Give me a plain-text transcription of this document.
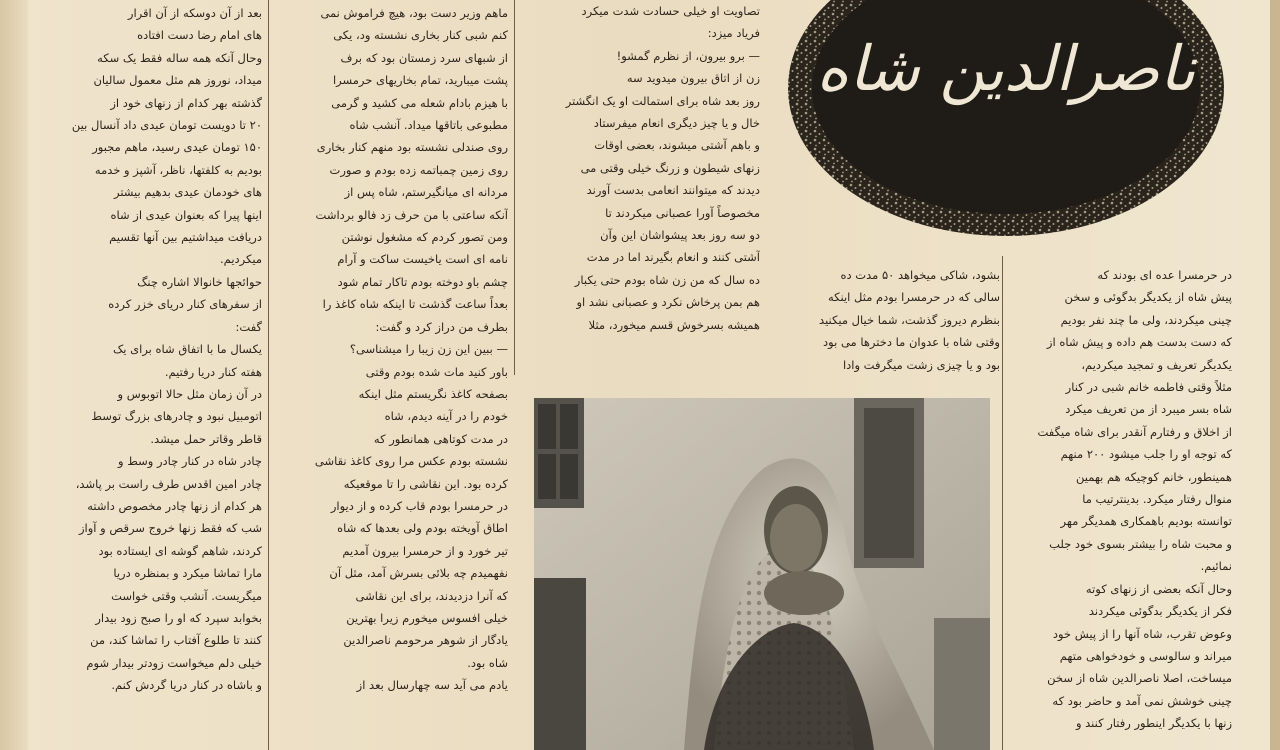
بعد از آن دوسکه از آن اقرار
های امام رضا دست افتاده
وحال آنکه همه ساله فقط یک سکه
میداد، نوروز هم مثل معمول سالیان
گذشته بهر کدام از زنهای خود از
۲۰ تا دویست تومان عیدی داد آنسال بین
۱۵۰ تومان عیدی رسید، ماهم مجبور
بودیم به کلفتها، ناظر، آشپز و خدمه
های خودمان عیدی بدهیم بیشتر
اینها پیرا که بعنوان عیدی از شاه
دریافت میداشتیم بین آنها تقسیم
میکردیم.
حوائجها خانوالا اشاره چنگ
از سفرهای کنار دریای خزر کرده
گفت:
یکسال ما با اتفاق شاه برای یک
هفته کنار دریا رفتیم.
در آن زمان مثل حالا اتوبوس و
اتومبیل نبود و چادرهای بزرگ توسط
قاطر وقاتر حمل میشد.
چادر شاه در کنار چادر وسط و
چادر امین اقدس طرف راست بر پاشد،
هر کدام از زنها چادر مخصوص داشته
شب که فقط زنها خروج سرقص و آواز
کردند، شاهم گوشه ای ایستاده بود
مارا تماشا میکرد و بمنظره دریا
میگریست. آنشب وقتی خواست
بخوابد سپرد که او را صبح زود بیدار
کنند تا طلوع آفتاب را تماشا کند، من
خیلی دلم میخواست زودتر بیدار شوم
و باشاه در کنار دریا گردش کنم.
ماهم وزیر دست بود، هیچ فراموش نمی
کنم شبی کنار بخاری نشسته ود، یکی
از شبهای سرد زمستان بود که برف
پشت میبارید، تمام بخاریهای حرمسرا
با هیزم بادام شعله می کشید و گرمی
مطبوعی باتاقها میداد. آنشب شاه
روی صندلی نشسته بود منهم کنار بخاری
روی زمین چمباتمه زده بودم و صورت
مردانه ای میانگیرستم، شاه پس از
آنکه ساعتی با من حرف زد فالو برداشت
ومن تصور کردم که مشغول نوشتن
نامه ای است یاخیست ساکت و آرام
چشم باو دوخته بودم تاکار تمام شود
بعداً ساعت گذشت تا اینکه شاه کاغذ را
بطرف من دراز کرد و گفت:
— ببین این زن زیبا را میشناسی؟
باور کنید مات شده بودم وقتی
بصفحه کاغذ نگریستم مثل اینکه
خودم را در آینه دیدم، شاه
در مدت کوتاهی همانطور که
نشسته بودم عکس مرا روی کاغذ نقاشی
کرده بود. این نقاشی را تا موقعیکه
در حرمسرا بودم قاب کرده و از دیوار
اطاق آویخته بودم ولی بعدها که شاه
تیر خورد و از حرمسرا بیرون آمدیم
نفهمیدم چه بلائی بسرش آمد، مثل آن
که آنرا دزدیدند، برای این نقاشی
خیلی افسوس میخورم زیرا بهترین
یادگار از شوهر مرحومم ناصرالدین
شاه بود.
یادم می آید سه چهارسال بعد از
تصاویت او خیلی حسادت شدت میکرد
فریاد میزد:
— برو بیرون، از نظرم گمشو!
زن از اتاق بیرون میدوید سه
روز بعد شاه برای استمالت او یک انگشتر
خال و یا چیز دیگری انعام میفرستاد
و باهم آشتی میشوند، بعضی اوقات
زنهای شیطون و زرنگ خیلی وقتی می
دیدند که میتوانند انعامی بدست آورند
مخصوصاً آورا عصبانی میکردند تا
دو سه روز بعد پیشواشان این وآن
آشتی کنند و انعام بگیرند اما در مدت
ده سال که من زن شاه بودم حتی یکبار
هم بمن پرخاش نکرد و عصبانی نشد او
همیشه بسرخوش قسم میخورد، مثلا
بشود، شاکی میخواهد ۵۰ مدت ده
سالی که در حرمسرا بودم مثل اینکه
بنظرم دیروز گذشت، شما خیال میکنید
وقتی شاه با عدوان ما دخترها می بود
بود و یا چیزی زشت میگرفت وادا
در حرمسرا عده ای بودند که
پیش شاه از یکدیگر بدگوئی و سخن
چینی میکردند، ولی ما چند نفر بودیم
که دست بدست هم داده و پیش شاه از
یکدیگر تعریف و تمجید میکردیم،
مثلاً وقتی فاطمه خانم شبی در کنار
شاه بسر میبرد از من تعریف میکرد
از اخلاق و رفتارم آنقدر برای شاه میگفت
که توجه او را جلب میشود ۲۰۰ منهم
همینطور، خانم کوچیکه هم بهمین
منوال رفتار میکرد. بدینترتیب ما
توانسته بودیم باهمکاری همدیگر مهر
و محبت شاه را بیشتر بسوی خود جلب
نمائیم.
وحال آنکه بعضی از زنهای کوته
فکر از یکدیگر بدگوئی میکردند
وعوض تقرب، شاه آنها را از پیش خود
میراند و سالوسی و خودخواهی متهم
میساخت، اصلا ناصرالدین شاه از سخن
چینی خوشش نمی آمد و حاضر بود که
زنها با یکدیگر اینطور رفتار کنند و
ناصرالدین شاه
